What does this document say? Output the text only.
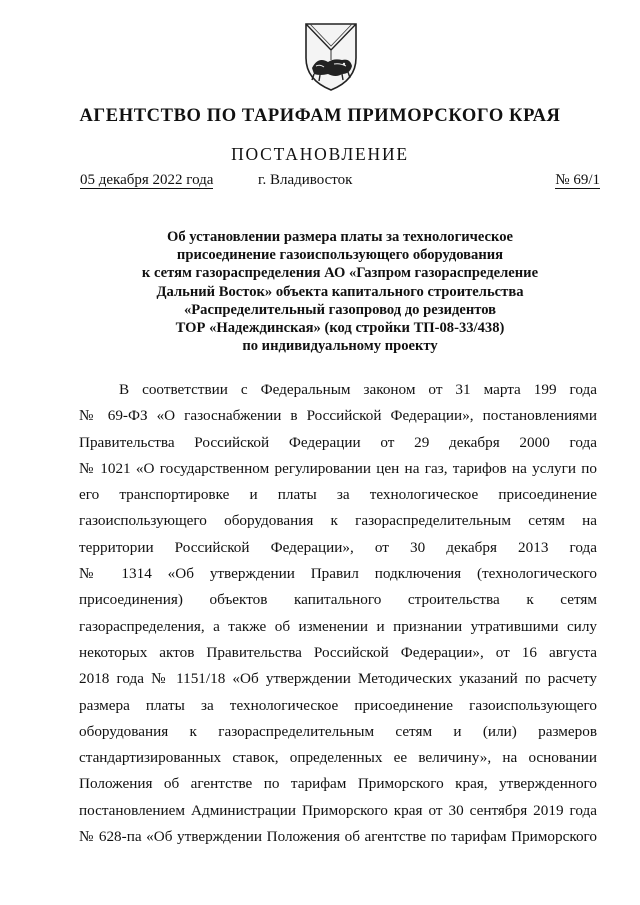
АГЕНТСТВО ПО ТАРИФАМ ПРИМОРСКОГО КРАЯ
ПОСТАНОВЛЕНИЕ
05 декабря 2022 года	г. Владивосток	№ 69/1
Об установлении размера платы за технологическое
присоединение газоиспользующего оборудования
к сетям газораспределения АО «Газпром газораспределение
Дальний Восток» объекта капитального строительства
«Распределительный газопровод до резидентов
ТОР «Надеждинская» (код стройки ТП-08-33/438)
по индивидуальному проекту
В соответствии с Федеральным законом от 31 марта 199 года
№ 69-ФЗ «О газоснабжении в Российской Федерации», постановлениями
Правительства Российской Федерации от 29 декабря 2000 года
№ 1021 «О государственном регулировании цен на газ, тарифов на услуги по
его транспортировке и платы за технологическое присоединение
газоиспользующего оборудования к газораспределительным сетям на
территории Российской Федерации», от 30 декабря 2013 года
№ 1314 «Об утверждении Правил подключения (технологического
присоединения) объектов капитального строительства к сетям
газораспределения, а также об изменении и признании утратившими силу
некоторых актов Правительства Российской Федерации», от 16 августа
2018 года № 1151/18 «Об утверждении Методических указаний по расчету
размера платы за технологическое присоединение газоиспользующего
оборудования к газораспределительным сетям и (или) размеров
стандартизированных ставок, определенных ее величину», на основании
Положения об агентстве по тарифам Приморского края, утвержденного
постановлением Администрации Приморского края от 30 сентября 2019 года
№ 628-па «Об утверждении Положения об агентстве по тарифам Приморского
